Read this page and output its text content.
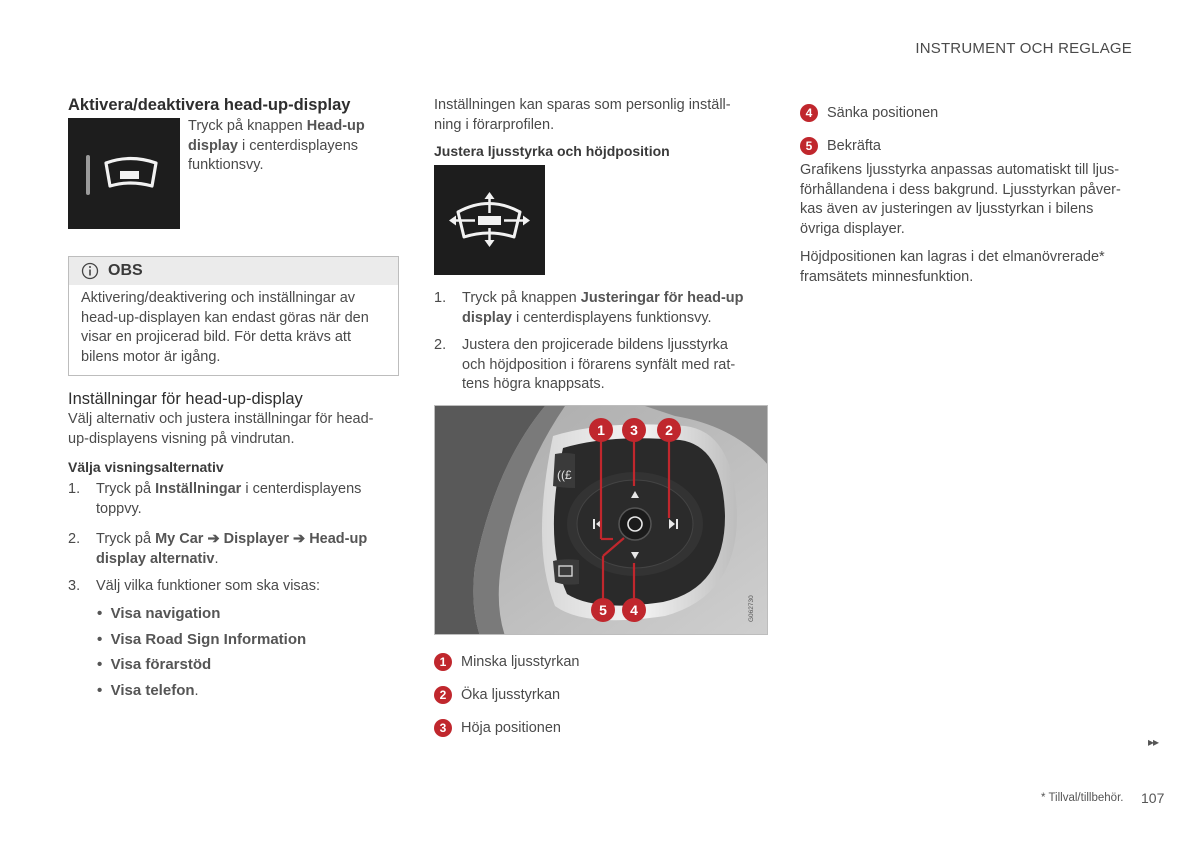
INSTRUMENT OCH REGLAGE
Aktivera/deaktivera head-up-display
Tryck på knappen Head-up
display i centerdisplayens
funktionsvy.
OBS
Aktivering/deaktivering och inställningar av head-up-displayen kan endast göras när den visar en projicerad bild. För detta krävs att bilens motor är igång.
Inställningar för head-up-display
Välj alternativ och justera inställningar för head-up-displayens visning på vindrutan.
Välja visningsalternativ
1. Tryck på Inställningar i centerdisplayens
toppvy.
2. Tryck på My Car ➔ Displayer ➔ Head-up
display alternativ.
3. Välj vilka funktioner som ska visas:
•  Visa navigation
•  Visa Road Sign Information
•  Visa förarstöd
•  Visa telefon.
Inställningen kan sparas som personlig inställ-
ning i förarprofilen.
Justera ljusstyrka och höjdposition
1. Tryck på knappen Justeringar för head-up
display i centerdisplayens funktionsvy.
2. Justera den projicerade bildens ljusstyrka
och höjdposition i förarens synfält med rat-
tens högra knappsats.
((£
1 3 2
5 4	G062730
1	Minska ljusstyrkan
2	Öka ljusstyrkan
3	Höja positionen
4	Sänka positionen
5	Bekräfta
Grafikens ljusstyrka anpassas automatiskt till ljus-
förhållandena i dess bakgrund. Ljusstyrkan påver-
kas även av justeringen av ljusstyrkan i bilens
övriga displayer.
Höjdpositionen kan lagras i det elmanövrerade*
framsätets minnesfunktion.
▸▸
* Tillval/tillbehör. 107
